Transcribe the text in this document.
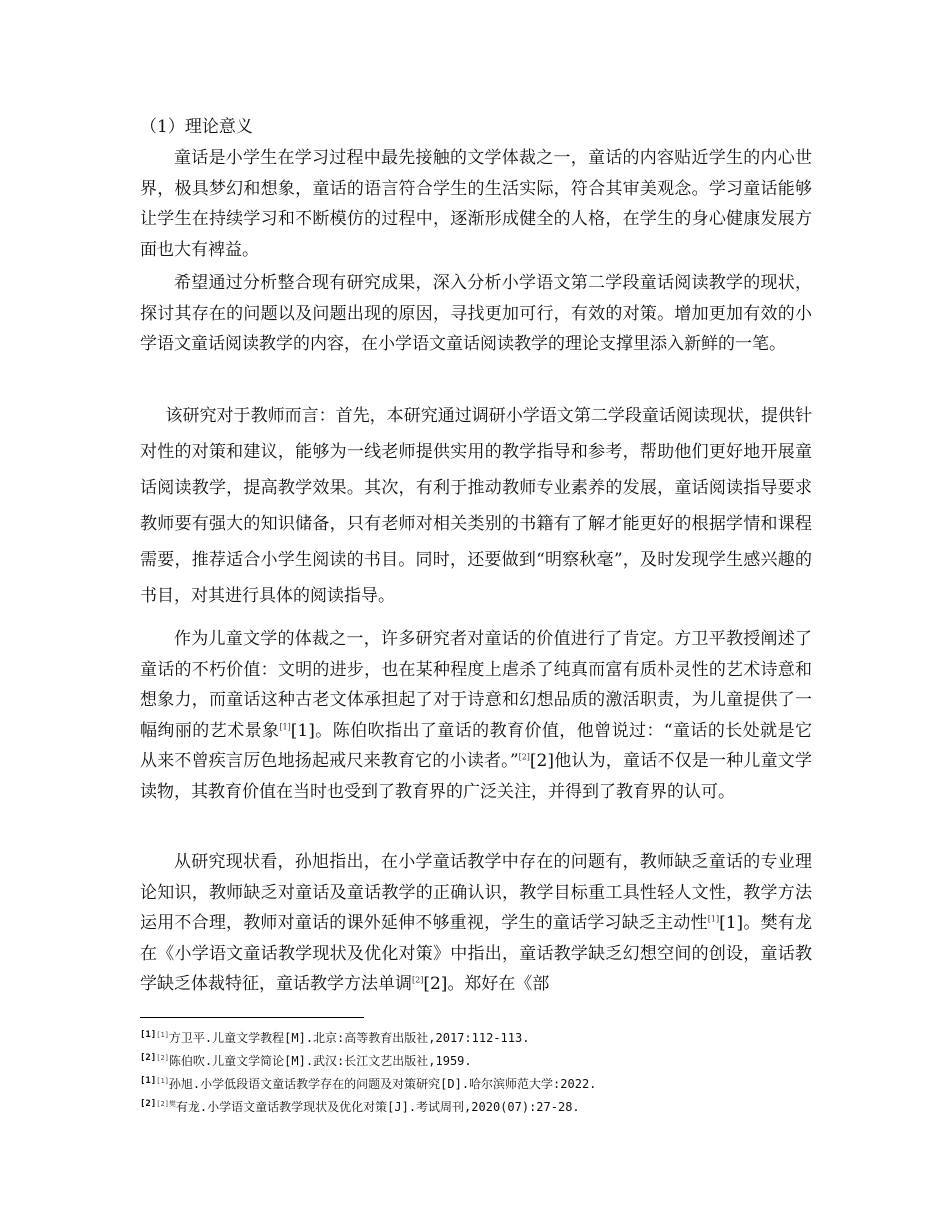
（1）理论意义

童话是小学生在学习过程中最先接触的文学体裁之一，童话的内容贴近学生的内心世界，极具梦幻和想象，童话的语言符合学生的生活实际，符合其审美观念。学习童话能够让学生在持续学习和不断模仿的过程中，逐渐形成健全的人格，在学生的身心健康发展方面也大有裨益。

希望通过分析整合现有研究成果，深入分析小学语文第二学段童话阅读教学的现状，探讨其存在的问题以及问题出现的原因，寻找更加可行，有效的对策。增加更加有效的小学语文童话阅读教学的内容，在小学语文童话阅读教学的理论支撑里添入新鲜的一笔。

该研究对于教师而言：首先，本研究通过调研小学语文第二学段童话阅读现状，提供针对性的对策和建议，能够为一线老师提供实用的教学指导和参考，帮助他们更好地开展童话阅读教学，提高教学效果。其次，有利于推动教师专业素养的发展，童话阅读指导要求教师要有强大的知识储备，只有老师对相关类别的书籍有了解才能更好的根据学情和课程需要，推荐适合小学生阅读的书目。同时，还要做到“明察秋毫”，及时发现学生感兴趣的书目，对其进行具体的阅读指导。

作为儿童文学的体裁之一，许多研究者对童话的价值进行了肯定。方卫平教授阐述了童话的不朽价值：文明的进步，也在某种程度上虐杀了纯真而富有质朴灵性的艺术诗意和想象力，而童话这种古老文体承担起了对于诗意和幻想品质的激活职责，为儿童提供了一幅绚丽的艺术景象[1][1]。陈伯吹指出了童话的教育价值，他曾说过：“童话的长处就是它从来不曾疾言厉色地扬起戒尺来教育它的小读者。”[2][2]他认为，童话不仅是一种儿童文学读物，其教育价值在当时也受到了教育界的广泛关注，并得到了教育界的认可。

从研究现状看，孙旭指出，在小学童话教学中存在的问题有，教师缺乏童话的专业理论知识，教师缺乏对童话及童话教学的正确认识，教学目标重工具性轻人文性，教学方法运用不合理，教师对童话的课外延伸不够重视，学生的童话学习缺乏主动性[1][1]。樊有龙在《小学语文童话教学现状及优化对策》中指出，童话教学缺乏幻想空间的创设，童话教学缺乏体裁特征，童话教学方法单调[2][2]。郑好在《部

[1][1]方卫平.儿童文学教程[M].北京:高等教育出版社,2017:112-113.
[2][2]陈伯吹.儿童文学简论[M].武汉:长江文艺出版社,1959.
[1][1]孙旭.小学低段语文童话教学存在的问题及对策研究[D].哈尔滨师范大学:2022.
$^{[2][2]樊}$有龙.小学语文童话教学现状及优化对策[J].考试周刊,2020(07):27-28.
